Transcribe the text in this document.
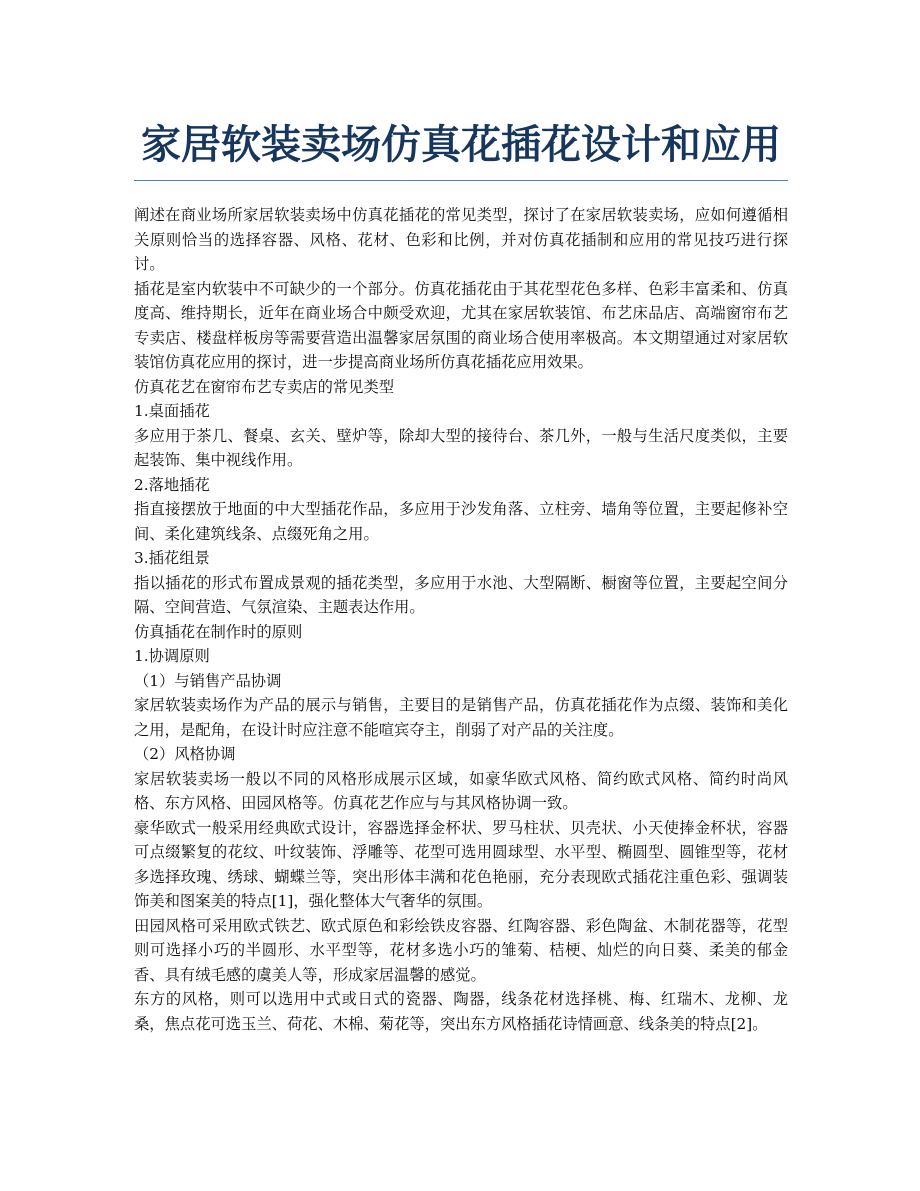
家居软装卖场仿真花插花设计和应用

阐述在商业场所家居软装卖场中仿真花插花的常见类型，探讨了在家居软装卖场，应如何遵循相关原则恰当的选择容器、风格、花材、色彩和比例，并对仿真花插制和应用的常见技巧进行探讨。

插花是室内软装中不可缺少的一个部分。仿真花插花由于其花型花色多样、色彩丰富柔和、仿真度高、维持期长，近年在商业场合中颇受欢迎，尤其在家居软装馆、布艺床品店、高端窗帘布艺专卖店、楼盘样板房等需要营造出温馨家居氛围的商业场合使用率极高。本文期望通过对家居软装馆仿真花应用的探讨，进一步提高商业场所仿真花插花应用效果。

仿真花艺在窗帘布艺专卖店的常见类型

1.桌面插花

多应用于茶几、餐桌、玄关、壁炉等，除却大型的接待台、茶几外，一般与生活尺度类似，主要起装饰、集中视线作用。

2.落地插花

指直接摆放于地面的中大型插花作品，多应用于沙发角落、立柱旁、墙角等位置，主要起修补空间、柔化建筑线条、点缀死角之用。

3.插花组景

指以插花的形式布置成景观的插花类型，多应用于水池、大型隔断、橱窗等位置，主要起空间分隔、空间营造、气氛渲染、主题表达作用。

仿真插花在制作时的原则

1.协调原则

（1）与销售产品协调

家居软装卖场作为产品的展示与销售，主要目的是销售产品，仿真花插花作为点缀、装饰和美化之用，是配角，在设计时应注意不能喧宾夺主，削弱了对产品的关注度。

（2）风格协调

家居软装卖场一般以不同的风格形成展示区域，如豪华欧式风格、简约欧式风格、简约时尚风格、东方风格、田园风格等。仿真花艺作应与与其风格协调一致。

豪华欧式一般采用经典欧式设计，容器选择金杯状、罗马柱状、贝壳状、小天使捧金杯状，容器可点缀繁复的花纹、叶纹装饰、浮雕等、花型可选用圆球型、水平型、椭圆型、圆锥型等，花材多选择玫瑰、绣球、蝴蝶兰等，突出形体丰满和花色艳丽，充分表现欧式插花注重色彩、强调装饰美和图案美的特点[1]，强化整体大气奢华的氛围。

田园风格可采用欧式铁艺、欧式原色和彩绘铁皮容器、红陶容器、彩色陶盆、木制花器等，花型则可选择小巧的半圆形、水平型等，花材多选小巧的雏菊、桔梗、灿烂的向日葵、柔美的郁金香、具有绒毛感的虞美人等，形成家居温馨的感觉。

东方的风格，则可以选用中式或日式的瓷器、陶器，线条花材选择桃、梅、红瑞木、龙柳、龙桑，焦点花可选玉兰、荷花、木棉、菊花等，突出东方风格插花诗情画意、线条美的特点[2]。
